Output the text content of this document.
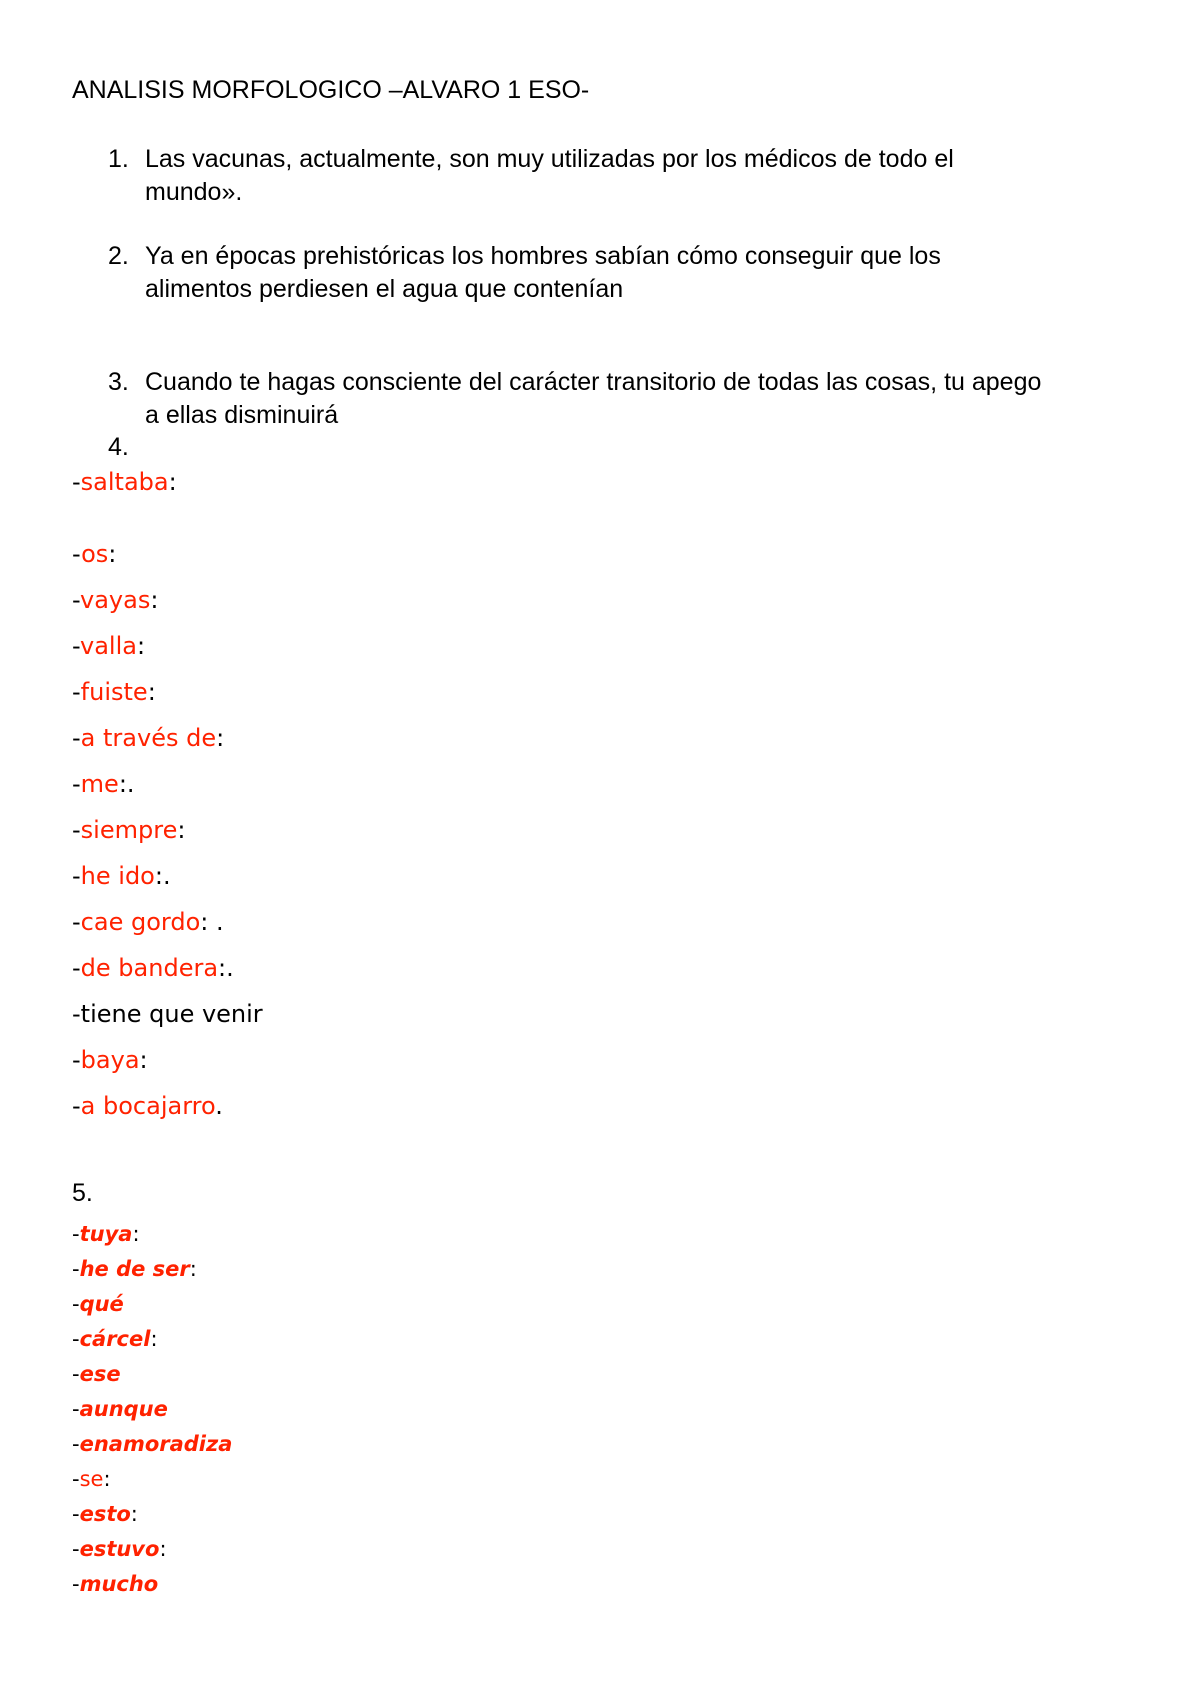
ANALISIS MORFOLOGICO –ALVARO 1 ESO-
1. Las vacunas, actualmente, son muy utilizadas por los médicos de todo el
mundo».
2. Ya en épocas prehistóricas los hombres sabían cómo conseguir que los
alimentos perdiesen el agua que contenían
3. Cuando te hagas consciente del carácter transitorio de todas las cosas, tu apego
a ellas disminuirá
4.
-saltaba:
-os:
-vayas:
-valla:
-fuiste:
-a través de:
-me:.
-siempre:
-he ido:.
-cae gordo: .
-de bandera:.
-tiene que venir
-baya:
-a bocajarro.
5.
-tuya:
-he de ser:
-qué
-cárcel:
-ese
-aunque
-enamoradiza
-se:
-esto:
-estuvo:
-mucho
